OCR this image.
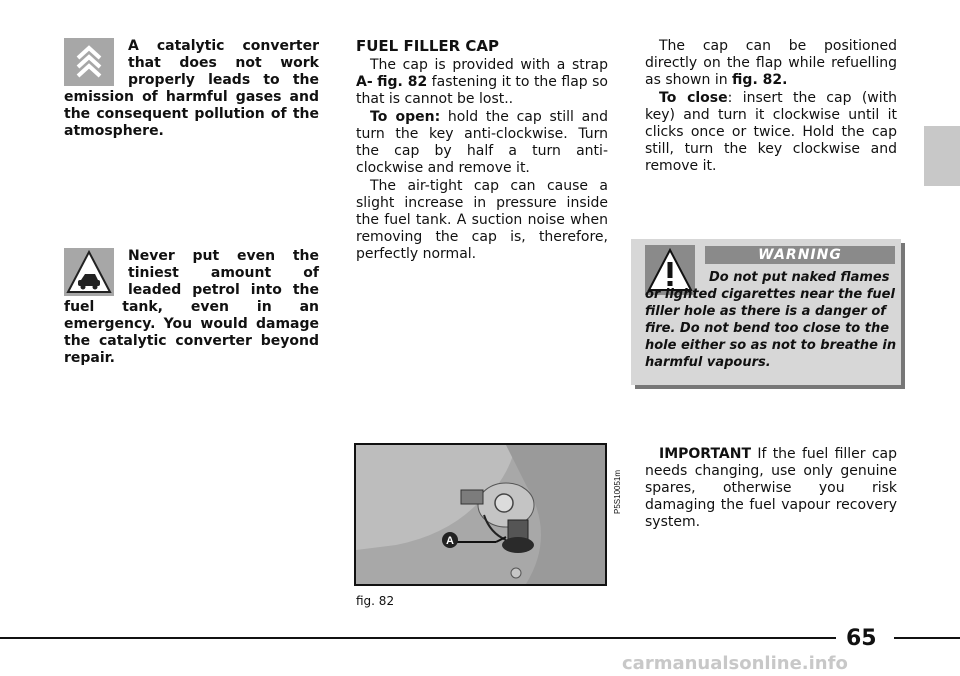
A catalytic converter that does not work properly leads to the emission of harmful gases and the consequent pollution of the atmosphere.

Never put even the tiniest amount of leaded petrol into the fuel tank, even in an emergency. You would damage the catalytic converter beyond repair.

FUEL FILLER CAP

The cap is provided with a strap A- fig. 82 fastening it to the flap so that is cannot be lost..

To open: hold the cap still and turn the key anti-clockwise. Turn the cap by half a turn anti-clockwise and remove it.

The air-tight cap can cause a slight increase in pressure inside the fuel tank. A suction noise when removing the cap is, therefore, perfectly normal.

The cap can be positioned directly on the flap while refuelling as shown in fig. 82.

To close: insert the cap (with key) and turn it clockwise until it clicks once or twice. Hold the cap still, turn the key clockwise and remove it.

WARNING

Do not put naked flames or lighted cigarettes near the fuel filler hole as there is a danger of fire. Do not bend too close to the hole either so as not to breathe in harmful vapours.

IMPORTANT If the fuel filler cap needs changing, use only genuine spares, otherwise you risk damaging the fuel vapour recovery system.

A
P5S10051m
fig. 82
65
carmanualsonline.info
